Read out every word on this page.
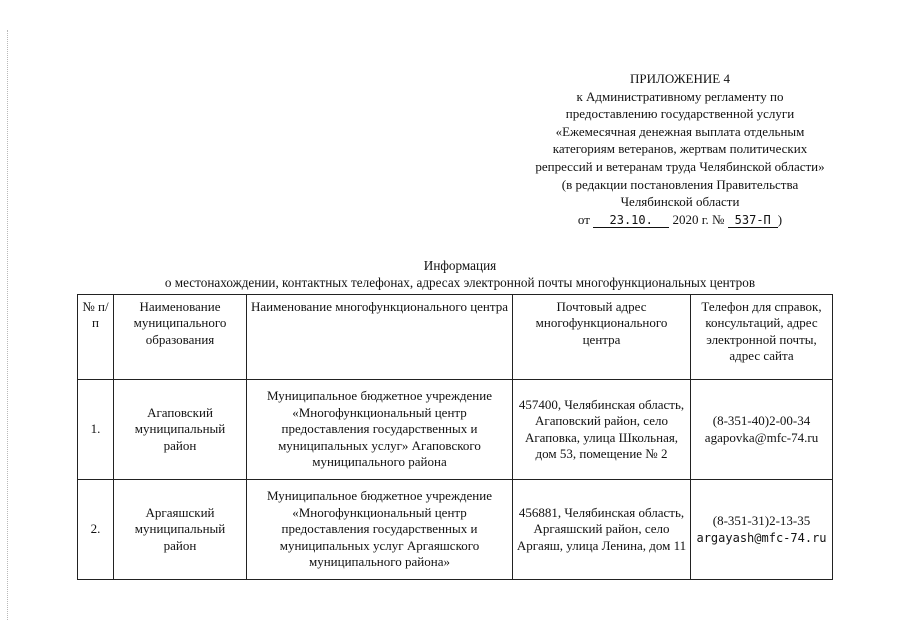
ПРИЛОЖЕНИЕ 4
к Административному регламенту по
предоставлению государственной услуги
«Ежемесячная денежная выплата отдельным
категориям ветеранов, жертвам политических
репрессий и ветеранам труда Челябинской области»
(в редакции постановления Правительства
Челябинской области
от 23.10. 2020 г. № 537-П )
Информация
о местонахождении, контактных телефонах, адресах электронной почты многофункциональных центров
№ п/п	Наименование муниципального образования	Наименование многофункционального центра	Почтовый адрес многофункционального центра	Телефон для справок, консультаций, адрес электронной почты, адрес сайта
1.	Агаповский муниципальный район	Муниципальное бюджетное учреждение «Многофункциональный центр предоставления государственных и муниципальных услуг» Агаповского муниципального района	457400, Челябинская область, Агаповский район, село Агаповка, улица Школьная, дом 53, помещение № 2	(8-351-40)2-00-34
agapovka@mfc-74.ru

2.	Аргаяшский муниципальный район	Муниципальное бюджетное учреждение «Многофункциональный центр предоставления государственных и муниципальных услуг Аргаяшского муниципального района»	456881, Челябинская область, Аргаяшский район, село Аргаяш, улица Ленина, дом 11	(8-351-31)2-13-35
argayash@mfc-74.ru
